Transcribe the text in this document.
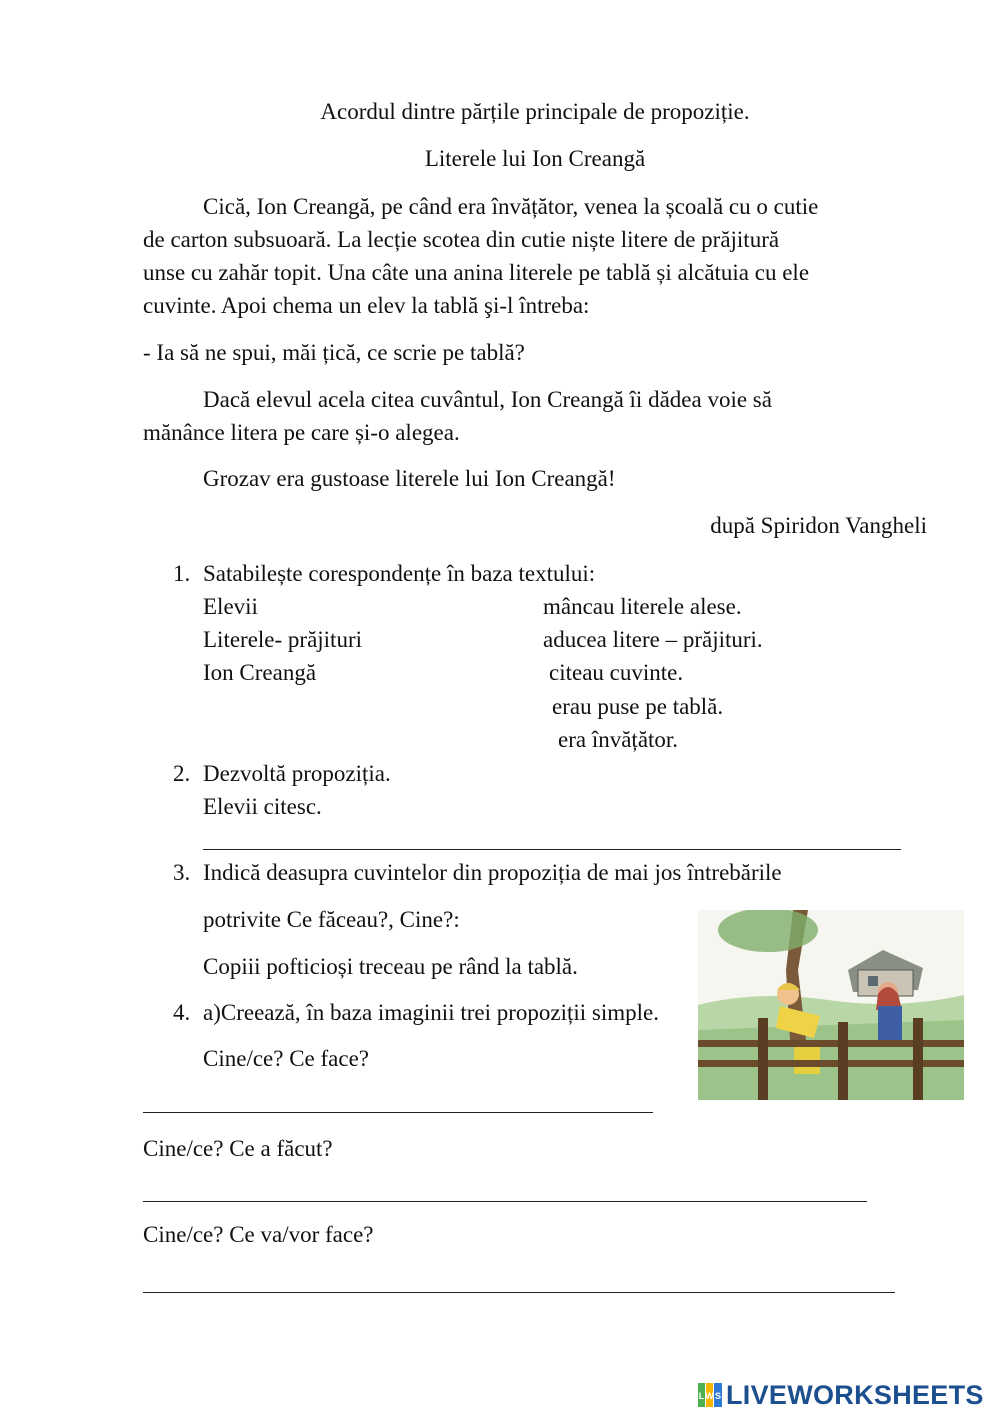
Acordul dintre părțile principale de propoziție.
Literele lui Ion Creangă
Cică, Ion Creangă, pe când era învățător, venea la școală cu o cutie
de carton subsuoară. La lecție scotea din cutie niște litere de prăjitură
unse cu zahăr topit. Una câte una anina literele pe tablă și alcătuia cu ele
cuvinte. Apoi chema un elev la tablă şi-l întreba:
- Ia să ne spui, măi țică, ce scrie pe tablă?
Dacă elevul acela citea cuvântul, Ion Creangă îi dădea voie să
mănânce litera pe care și-o alegea.
Grozav era gustoase literele lui Ion Creangă!
după Spiridon Vangheli
1. Satabilește corespondențe în baza textului:
Elevii
Literele- prăjituri
Ion Creangă
mâncau literele alese.
aducea litere – prăjituri.
citeau cuvinte.
erau puse pe tablă.
era învățător.
2. Dezvoltă propoziția.
Elevii citesc.
3. Indică deasupra cuvintelor din propoziția de mai jos întrebările
potrivite Ce făceau?, Cine?:
Copiii pofticioși treceau pe rând la tablă.
4. a)Creează, în baza imaginii trei propoziții simple.
Cine/ce? Ce face?
Cine/ce? Ce a făcut?
Cine/ce? Ce va/vor face?
L W S LIVEWORKSHEETS
